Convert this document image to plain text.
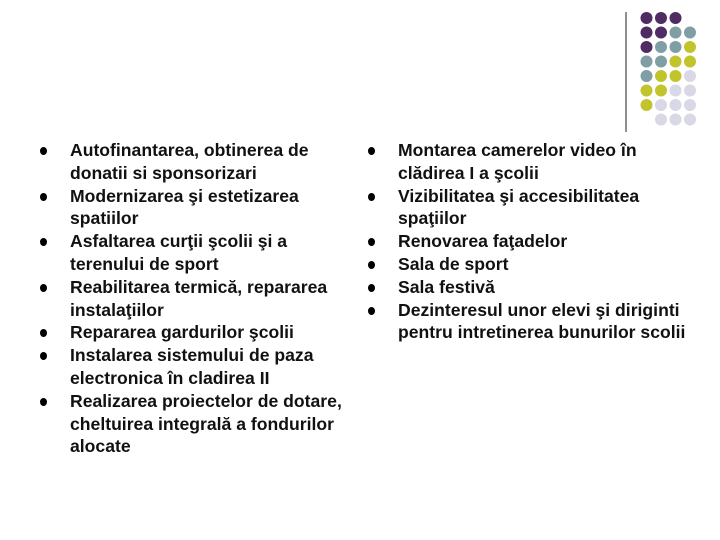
Autofinantarea, obtinerea de donatii si sponsorizari
Modernizarea şi estetizarea spatiilor
Asfaltarea curţii şcolii şi a terenului de sport
Reabilitarea termică, repararea instalaţiilor
Repararea gardurilor şcolii
Instalarea sistemului de paza electronica în cladirea II
Realizarea proiectelor de dotare, cheltuirea integrală a fondurilor alocate
Montarea camerelor video în clădirea I a şcolii
Vizibilitatea şi accesibilitatea spaţiilor
Renovarea faţadelor
Sala de sport
Sala festivă
Dezinteresul unor elevi şi diriginti pentru intretinerea bunurilor scolii
